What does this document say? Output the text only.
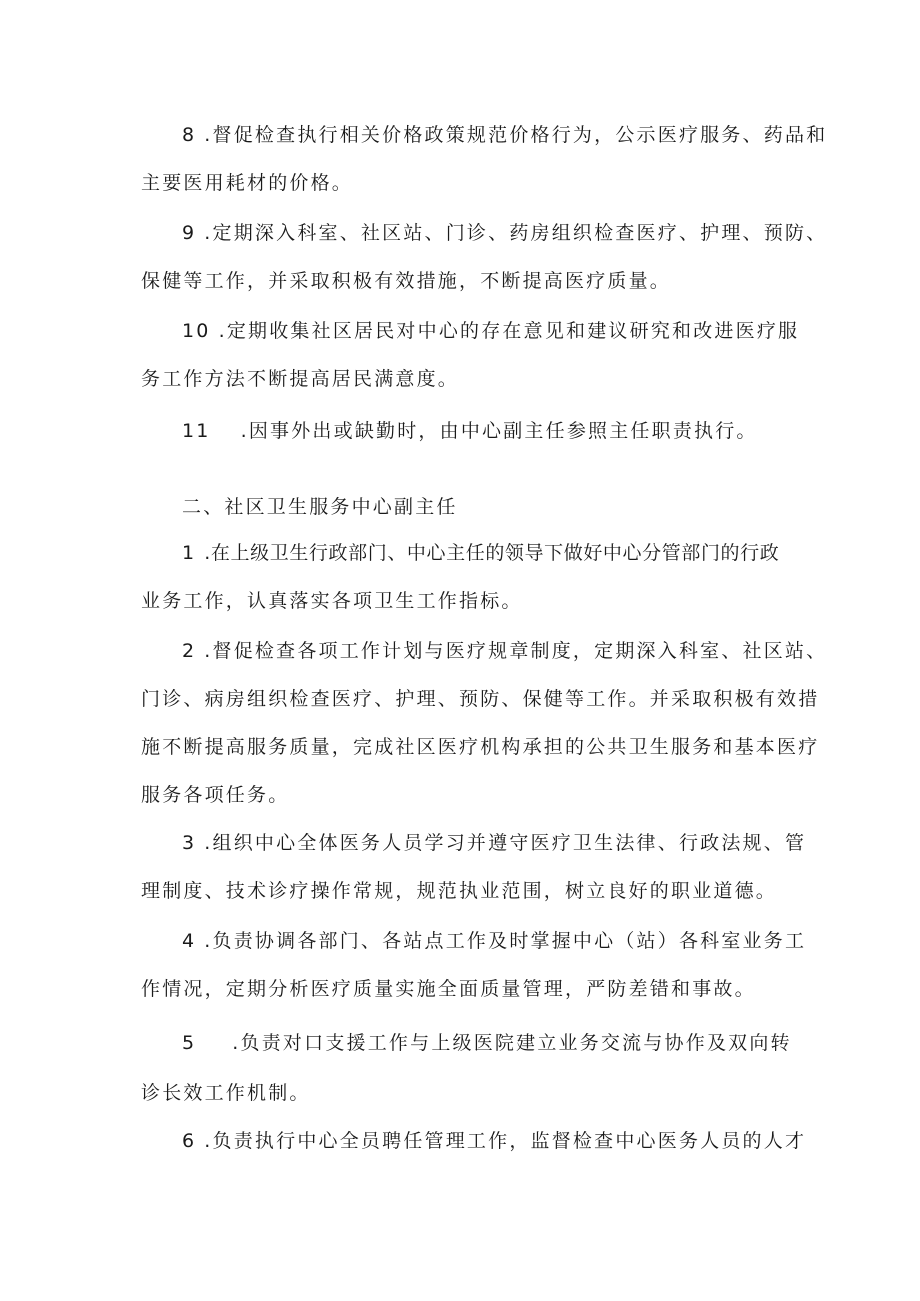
8 .督促检查执行相关价格政策规范价格行为，公示医疗服务、药品和
主要医用耗材的价格。
9 .定期深入科室、社区站、门诊、药房组织检查医疗、护理、预防、
保健等工作，并采取积极有效措施，不断提高医疗质量。
10 .定期收集社区居民对中心的存在意见和建议研究和改进医疗服
务工作方法不断提高居民满意度。
11 .因事外出或缺勤时，由中心副主任参照主任职责执行。
二、社区卫生服务中心副主任
1 .在上级卫生行政部门、中心主任的领导下做好中心分管部门的行政
业务工作，认真落实各项卫生工作指标。
2 .督促检查各项工作计划与医疗规章制度，定期深入科室、社区站、
门诊、病房组织检查医疗、护理、预防、保健等工作。并采取积极有效措
施不断提高服务质量，完成社区医疗机构承担的公共卫生服务和基本医疗
服务各项任务。
3 .组织中心全体医务人员学习并遵守医疗卫生法律、行政法规、管
理制度、技术诊疗操作常规，规范执业范围，树立良好的职业道德。
4 .负责协调各部门、各站点工作及时掌握中心（站）各科室业务工
作情况，定期分析医疗质量实施全面质量管理，严防差错和事故。
5 .负责对口支援工作与上级医院建立业务交流与协作及双向转
诊长效工作机制。
6 .负责执行中心全员聘任管理工作，监督检查中心医务人员的人才
